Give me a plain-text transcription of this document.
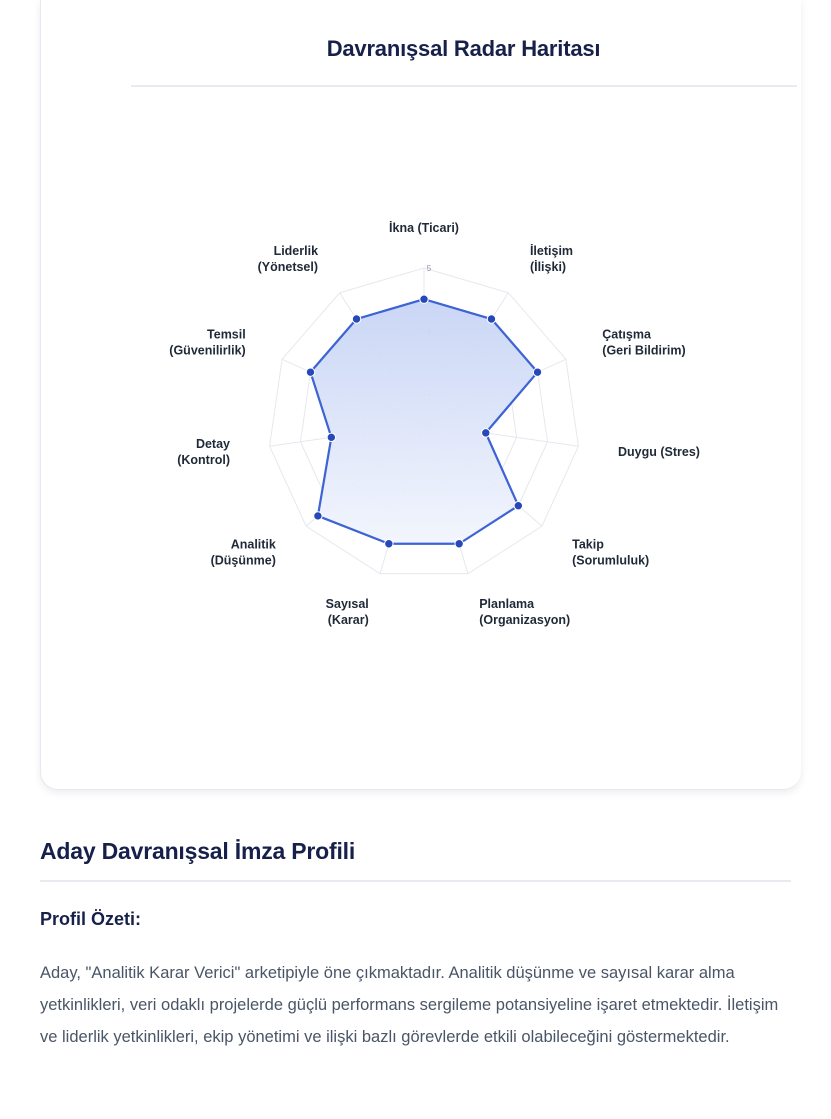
Davranışsal Radar Haritası
5
İkna (Ticari)
İletişim (İlişki)
Çatışma (Geri Bildirim)
Duygu (Stres)
Takip (Sorumluluk)
Planlama (Organizasyon)
Sayısal (Karar)
Analitik (Düşünme)
Detay (Kontrol)
Temsil (Güvenilirlik)
Liderlik (Yönetsel)
Aday Davranışsal İmza Profili
Profil Özeti:

Aday, "Analitik Karar Verici" arketipiyle öne çıkmaktadır. Analitik düşünme ve sayısal karar alma yetkinlikleri, veri odaklı projelerde güçlü performans sergileme potansiyeline işaret etmektedir. İletişim ve liderlik yetkinlikleri, ekip yönetimi ve ilişki bazlı görevlerde etkili olabileceğini göstermektedir.
